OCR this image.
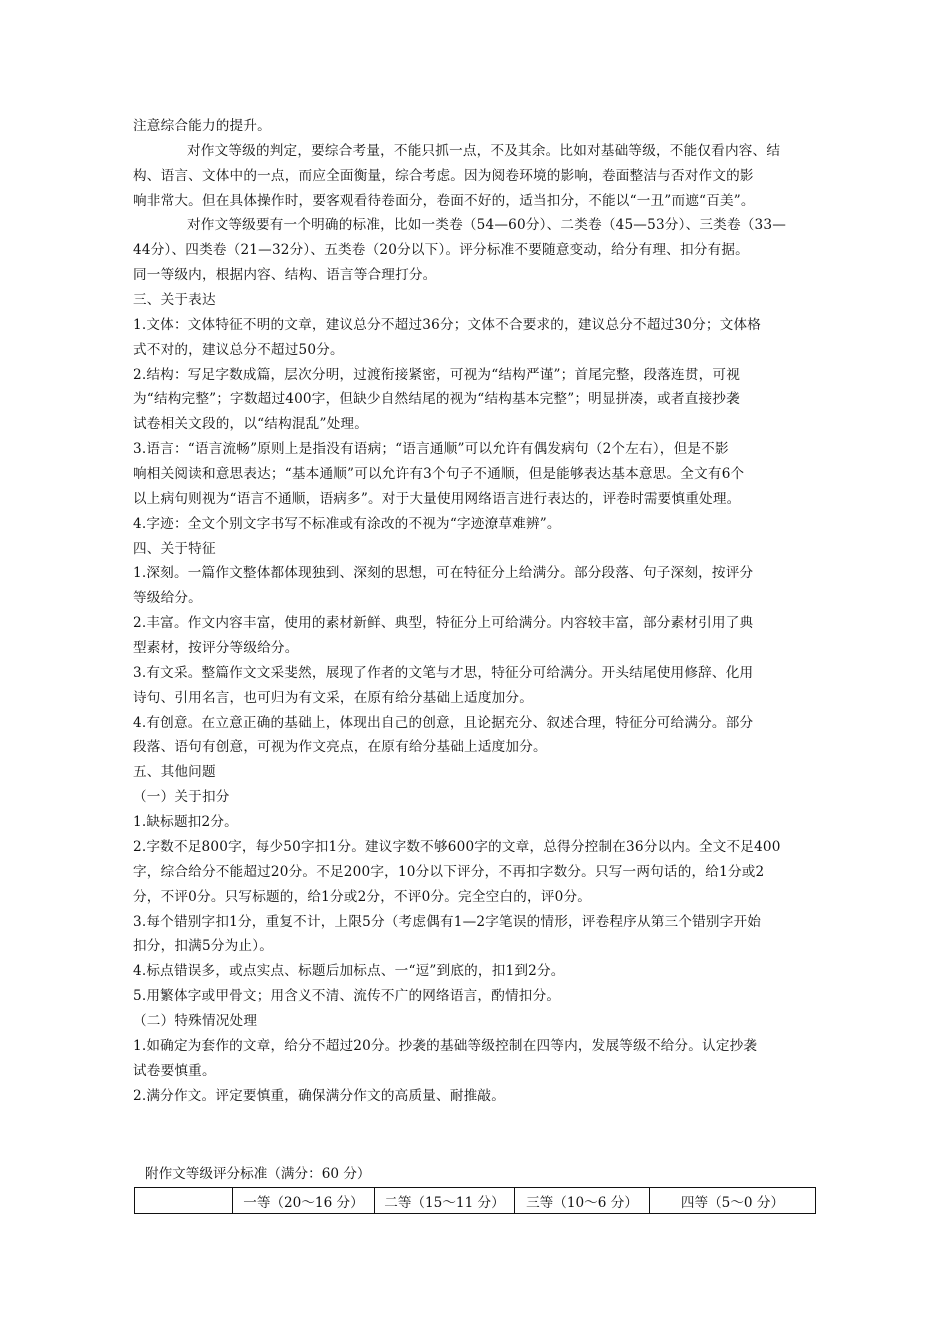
注意综合能力的提升。
对作文等级的判定，要综合考量，不能只抓一点，不及其余。比如对基础等级，不能仅看内容、结
构、语言、文体中的一点，而应全面衡量，综合考虑。因为阅卷环境的影响，卷面整洁与否对作文的影
响非常大。但在具体操作时，要客观看待卷面分，卷面不好的，适当扣分，不能以“一丑”而遮“百美”。
对作文等级要有一个明确的标准，比如一类卷（54—60分）、二类卷（45—53分）、三类卷（33—
44分）、四类卷（21—32分）、五类卷（20分以下）。评分标准不要随意变动，给分有理、扣分有据。
同一等级内，根据内容、结构、语言等合理打分。
三、关于表达
1.文体：文体特征不明的文章，建议总分不超过36分；文体不合要求的，建议总分不超过30分；文体格
式不对的，建议总分不超过50分。
2.结构：写足字数成篇，层次分明，过渡衔接紧密，可视为“结构严谨”；首尾完整，段落连贯，可视
为“结构完整”；字数超过400字，但缺少自然结尾的视为“结构基本完整”；明显拼凑，或者直接抄袭
试卷相关文段的，以“结构混乱”处理。
3.语言：“语言流畅”原则上是指没有语病；“语言通顺”可以允许有偶发病句（2个左右），但是不影
响相关阅读和意思表达；“基本通顺”可以允许有3个句子不通顺，但是能够表达基本意思。全文有6个
以上病句则视为“语言不通顺，语病多”。对于大量使用网络语言进行表达的，评卷时需要慎重处理。
4.字迹：全文个别文字书写不标准或有涂改的不视为“字迹潦草难辨”。
四、关于特征
1.深刻。一篇作文整体都体现独到、深刻的思想，可在特征分上给满分。部分段落、句子深刻，按评分
等级给分。
2.丰富。作文内容丰富，使用的素材新鲜、典型，特征分上可给满分。内容较丰富，部分素材引用了典
型素材，按评分等级给分。
3.有文采。整篇作文文采斐然，展现了作者的文笔与才思，特征分可给满分。开头结尾使用修辞、化用
诗句、引用名言，也可归为有文采，在原有给分基础上适度加分。
4.有创意。在立意正确的基础上，体现出自己的创意，且论据充分、叙述合理，特征分可给满分。部分
段落、语句有创意，可视为作文亮点，在原有给分基础上适度加分。
五、其他问题
（一）关于扣分
1.缺标题扣2分。
2.字数不足800字，每少50字扣1分。建议字数不够600字的文章，总得分控制在36分以内。全文不足400
字，综合给分不能超过20分。不足200字，10分以下评分，不再扣字数分。只写一两句话的，给1分或2
分，不评0分。只写标题的，给1分或2分，不评0分。完全空白的，评0分。
3.每个错别字扣1分，重复不计，上限5分（考虑偶有1—2字笔误的情形，评卷程序从第三个错别字开始
扣分，扣满5分为止）。
4.标点错误多，或点实点、标题后加标点、一“逗”到底的，扣1到2分。
5.用繁体字或甲骨文；用含义不清、流传不广的网络语言，酌情扣分。
（二）特殊情况处理
1.如确定为套作的文章，给分不超过20分。抄袭的基础等级控制在四等内，发展等级不给分。认定抄袭
试卷要慎重。
2.满分作文。评定要慎重，确保满分作文的高质量、耐推敲。
附作文等级评分标准（满分：60 分）
	一等（20～16 分）	二等（15～11 分）	三等（10～6 分）	四等（5～0 分）
